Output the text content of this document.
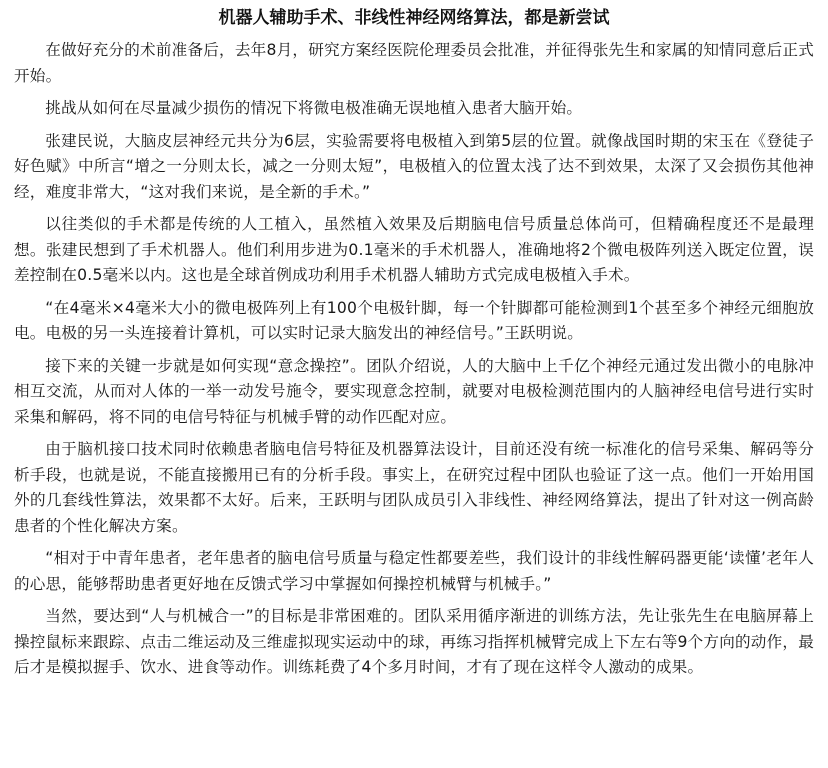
机器人辅助手术、非线性神经网络算法，都是新尝试

在做好充分的术前准备后，去年8月，研究方案经医院伦理委员会批准，并征得张先生和家属的知情同意后正式开始。

挑战从如何在尽量减少损伤的情况下将微电极准确无误地植入患者大脑开始。

张建民说，大脑皮层神经元共分为6层，实验需要将电极植入到第5层的位置。就像战国时期的宋玉在《登徒子好色赋》中所言“增之一分则太长，减之一分则太短”，电极植入的位置太浅了达不到效果，太深了又会损伤其他神经，难度非常大，“这对我们来说，是全新的手术。”

以往类似的手术都是传统的人工植入，虽然植入效果及后期脑电信号质量总体尚可，但精确程度还不是最理想。张建民想到了手术机器人。他们利用步进为0.1毫米的手术机器人，准确地将2个微电极阵列送入既定位置，误差控制在0.5毫米以内。这也是全球首例成功利用手术机器人辅助方式完成电极植入手术。

“在4毫米×4毫米大小的微电极阵列上有100个电极针脚，每一个针脚都可能检测到1个甚至多个神经元细胞放电。电极的另一头连接着计算机，可以实时记录大脑发出的神经信号。”王跃明说。

接下来的关键一步就是如何实现“意念操控”。团队介绍说，人的大脑中上千亿个神经元通过发出微小的电脉冲相互交流，从而对人体的一举一动发号施令，要实现意念控制，就要对电极检测范围内的人脑神经电信号进行实时采集和解码，将不同的电信号特征与机械手臂的动作匹配对应。

由于脑机接口技术同时依赖患者脑电信号特征及机器算法设计，目前还没有统一标准化的信号采集、解码等分析手段，也就是说，不能直接搬用已有的分析手段。事实上，在研究过程中团队也验证了这一点。他们一开始用国外的几套线性算法，效果都不太好。后来，王跃明与团队成员引入非线性、神经网络算法，提出了针对这一例高龄患者的个性化解决方案。

“相对于中青年患者，老年患者的脑电信号质量与稳定性都要差些，我们设计的非线性解码器更能‘读懂’老年人的心思，能够帮助患者更好地在反馈式学习中掌握如何操控机械臂与机械手。”

当然，要达到“人与机械合一”的目标是非常困难的。团队采用循序渐进的训练方法，先让张先生在电脑屏幕上操控鼠标来跟踪、点击二维运动及三维虚拟现实运动中的球，再练习指挥机械臂完成上下左右等9个方向的动作，最后才是模拟握手、饮水、进食等动作。训练耗费了4个多月时间，才有了现在这样令人激动的成果。
